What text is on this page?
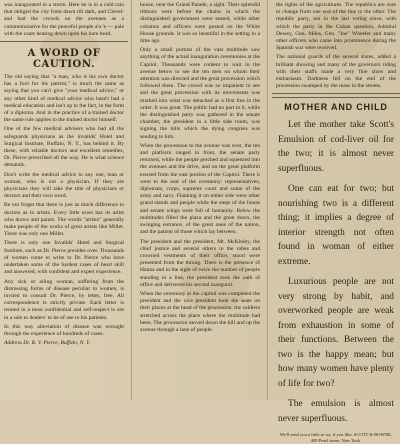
was inaugurated in a storm. Here he is in a cold rain that obliged the city from dawn till dark, and Clevel- and had the crowds on the avenues as a commemorative for the peaceful people a'n 'e — pale with the coats heating down upon his bare head.

A WORD OF CAUTION.

The old saying that "a man, who is his own doctor has a fool for his patient," is much the same as saying that you can't give "your medical advice," or any other kind of medical advice who hasn't had a medical education and isn't up to the fact, in the form of a diploma. And in the practice of a trained doctor the same rule applies to the trained doctor himself.

One of the few medical advisers who had all the safeguards physicians as the invalids' Hotel and Surgical Institute, Buffalo, N. Y., has behind it. By these, with reliable doctors and excellent remedies, Dr. Pierce prescribed all the way. He is what science demands.

Don't write the medical advice to any one, man or woman, who is not a physician. If they are physicians they will take the title of physicians or doctors and their own word.

Be not forget that there is just as much difference in doctors as in artists. Every little town has its artist who draws and paints. The words "artists" generally make people of the works of great artists like Millet. There was only one Millet.

There is only one Invalids' Hotel and Surgical Institute, such as Dr. Pierce presides over. Thousands of women come to write to Dr. Pierce who have undertaken some of the hardest cases of heart skill and answered, with confident and expert experience.

Any sick or ailing woman, suffering from the distressing forms of disease peculiar to women, is invited to consult Dr. Pierce, by letter, free. All correspondence is strictly private. Each letter is treated in a most confidential and self-respect is not in a sale to dealers' to be of use to his patients.

In this way alleviation of disease was wrought through the experience of hundreds of cases.

Address Dr. R. V. Pierce, Buffalo, N. Y.

house, near the Grand Parade, a sight. Their splendid ribbons were before the chains in which the distinguished government were seated, while other columns and officers were posted on the White House grounds. It was so beautiful in the setting in a time ago.

Only a small portion of the vast multitude saw anything of the actual inauguration ceremonies at the Capitol. Thousands were content to wait in the avenue below to see the ten men on whom their attention was directed and the great procession which followed them. The crowd was so impatient to see and the great procession with its movements was marked into what was detached as a first line in the order. It was great. The public had no part in it, while the distinguished party was gathered in the senate chamber, the president in a little side room, was signing the bills which the dying congress was sending to him.

When the procession to the avenue was over, the ten and platform ranged in front, the senate party returned, while the people perched and squeezed into the avenues and the drive, and on the great platform erected from the east portion of the Capitol. There it went to the seat of the ceremony: representatives, diplomats, corps, supreme court and some of the army and navy. Flanking it on either side were other grand stands and people while the steps of the house and senate wings were full of humanity. Below the multitudes filled the plaza and the great doors, the swinging entrance, of the great ones of the nation, and the patient of those which lay between.

The president and the president, Mr. McKinley, the chief justice and several others in the robes and crowned vestments of their office, stood were presented from the throng. There is the presence of Hanna and in the sight of twice the number of people standing in a line, the president took the oath of office and delivered his second inaugural.

When the ceremony at the capitol was completed the president and the vice president took the seats on their places at the head of the procession, the soldiers stretched across the place where the multitude had been. The procession moved down the hill and up the avenue through a lane of people.

the rights of the agricultures. The republics are sure to change from one end of the line to the other. The republic party, not in the last voting since, with which the party in the Cuban question, Admiral Dewey, Gen. Miles, Gen. "Joe" Wheeler and many other officers who came into prominence during the Spanish war were received.

The national guards of the several states, added a brilliant showing and many of the governors riding with their staffs made a very fine show and enthusiasm. Darkness fell on the end of the procession swamped by the mass in the streets.

MOTHER AND CHILD

Let the mother take Scott's Emulsion of cod-liver oil for the two; it is almost never superfluous.

One can eat for two; but nourishing two is a different thing; it implies a degree of interior strength not often found in woman of either extreme.

Luxurious people are not very strong by habit, and overworked people are weak from exhaustion in some of their functions. Between the two is the happy mean; but how many women have plenty of life for two?

The emulsion is almost never superfluous.

We'll send you a little to try, if you like. SCOTT & BOWNE, 409 Pearl street, New York.
